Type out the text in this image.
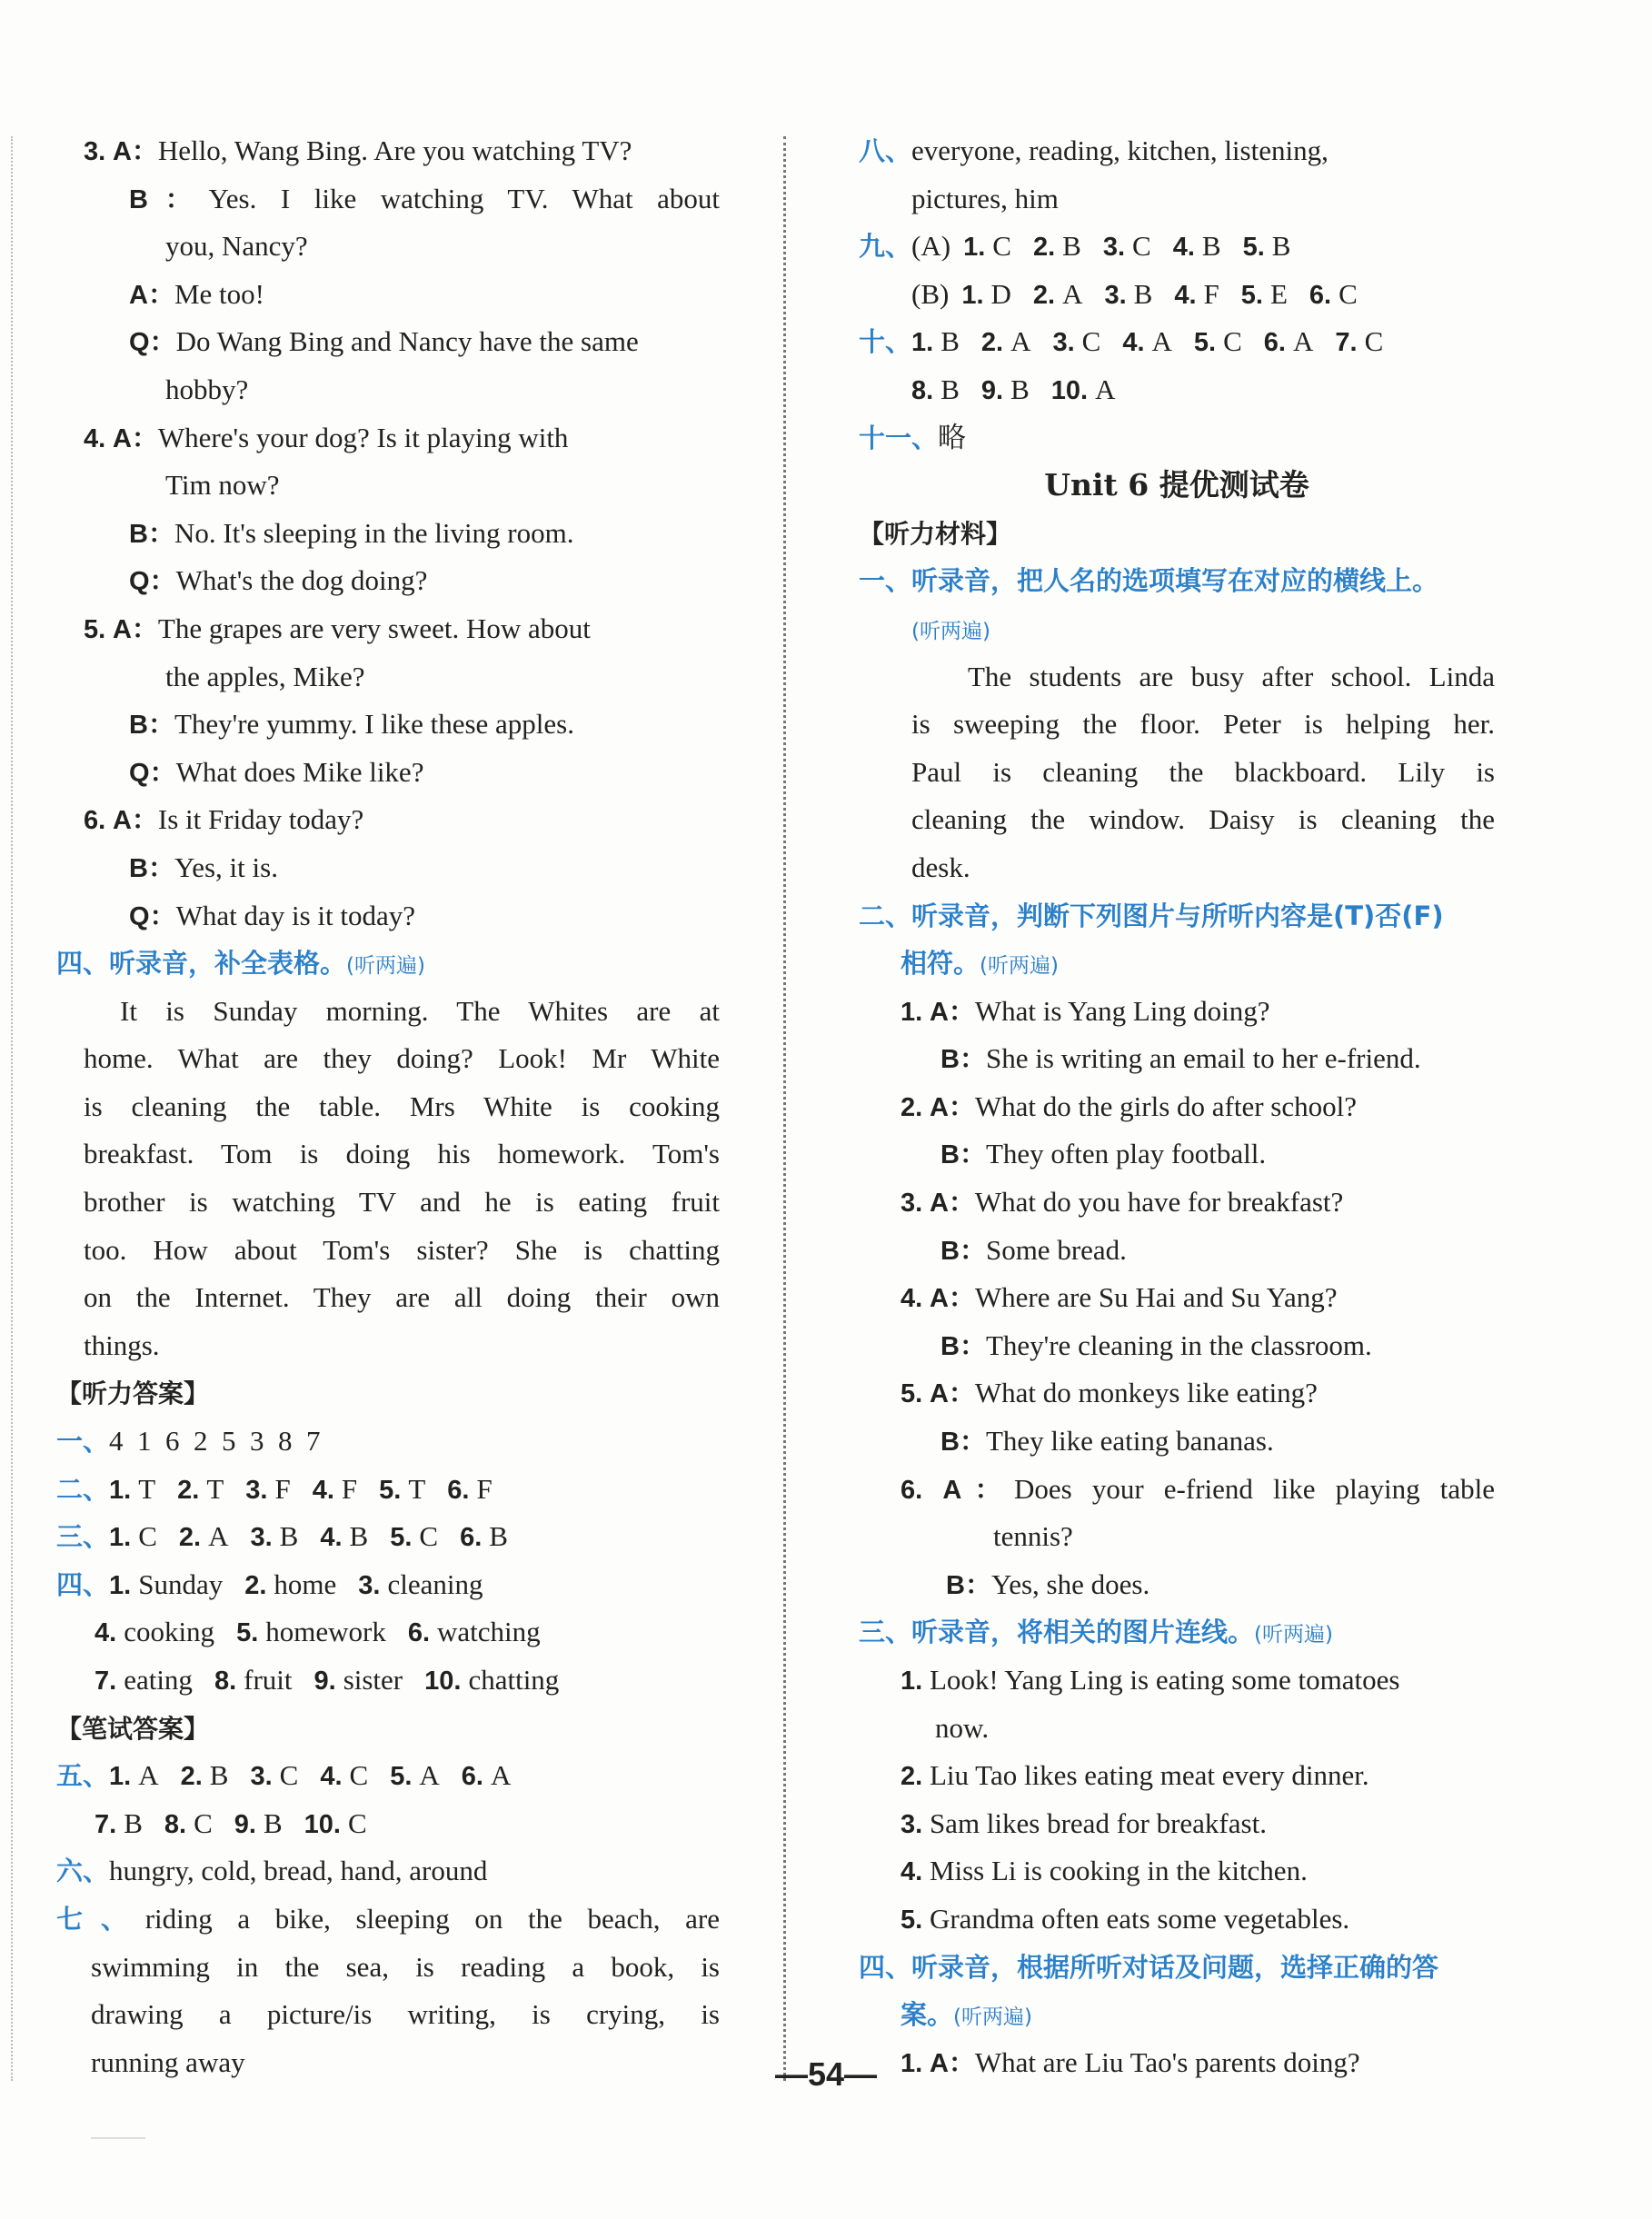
3. A：Hello, Wang Bing. Are you watching TV?
B：Yes. I like watching TV. What about
you, Nancy?
A：Me too!
Q：Do Wang Bing and Nancy have the same
hobby?
4. A：Where's your dog? Is it playing with
Tim now?
B：No. It's sleeping in the living room.
Q：What's the dog doing?
5. A：The grapes are very sweet. How about
the apples, Mike?
B：They're yummy. I like these apples.
Q：What does Mike like?
6. A：Is it Friday today?
B：Yes, it is.
Q：What day is it today?
四、听录音，补全表格。(听两遍)
It is Sunday morning. The Whites are at
home. What are they doing? Look! Mr White
is cleaning the table. Mrs White is cooking
breakfast. Tom is doing his homework. Tom's
brother is watching TV and he is eating fruit
too. How about Tom's sister? She is chatting
on the Internet. They are all doing their own
things.
【听力答案】
一、4  1  6  2  5  3  8  7
二、1. T 2. T 3. F 4. F 5. T 6. F
三、1. C 2. A 3. B 4. B 5. C 6. B
四、1. Sunday 2. home 3. cleaning
4. cooking 5. homework 6. watching
7. eating 8. fruit 9. sister 10. chatting
【笔试答案】
五、1. A 2. B 3. C 4. C 5. A 6. A
7. B 8. C 9. B 10. C
六、hungry, cold, bread, hand, around
七、riding a bike, sleeping on the beach, are
swimming in the sea, is reading a book, is
drawing a picture/is writing, is crying, is
running away
八、everyone, reading, kitchen, listening,
pictures, him
九、(A) 1. C 2. B 3. C 4. B 5. B
(B) 1. D 2. A 3. B 4. F 5. E 6. C
十、1. B 2. A 3. C 4. A 5. C 6. A 7. C
8. B 9. B 10. A
十一、略
Unit 6 提优测试卷
【听力材料】
一、听录音，把人名的选项填写在对应的横线上。
(听两遍)
The students are busy after school. Linda
is sweeping the floor. Peter is helping her.
Paul is cleaning the blackboard. Lily is
cleaning the window. Daisy is cleaning the
desk.
二、听录音，判断下列图片与所听内容是(T)否(F)
相符。(听两遍)
1. A：What is Yang Ling doing?
B：She is writing an email to her e-friend.
2. A：What do the girls do after school?
B：They often play football.
3. A：What do you have for breakfast?
B：Some bread.
4. A：Where are Su Hai and Su Yang?
B：They're cleaning in the classroom.
5. A：What do monkeys like eating?
B：They like eating bananas.
6. A：Does your e-friend like playing table
tennis?
B：Yes, she does.
三、听录音，将相关的图片连线。(听两遍)
1. Look! Yang Ling is eating some tomatoes
now.
2. Liu Tao likes eating meat every dinner.
3. Sam likes bread for breakfast.
4. Miss Li is cooking in the kitchen.
5. Grandma often eats some vegetables.
四、听录音，根据所听对话及问题，选择正确的答
案。(听两遍)
1. A：What are Liu Tao's parents doing?
—54—
